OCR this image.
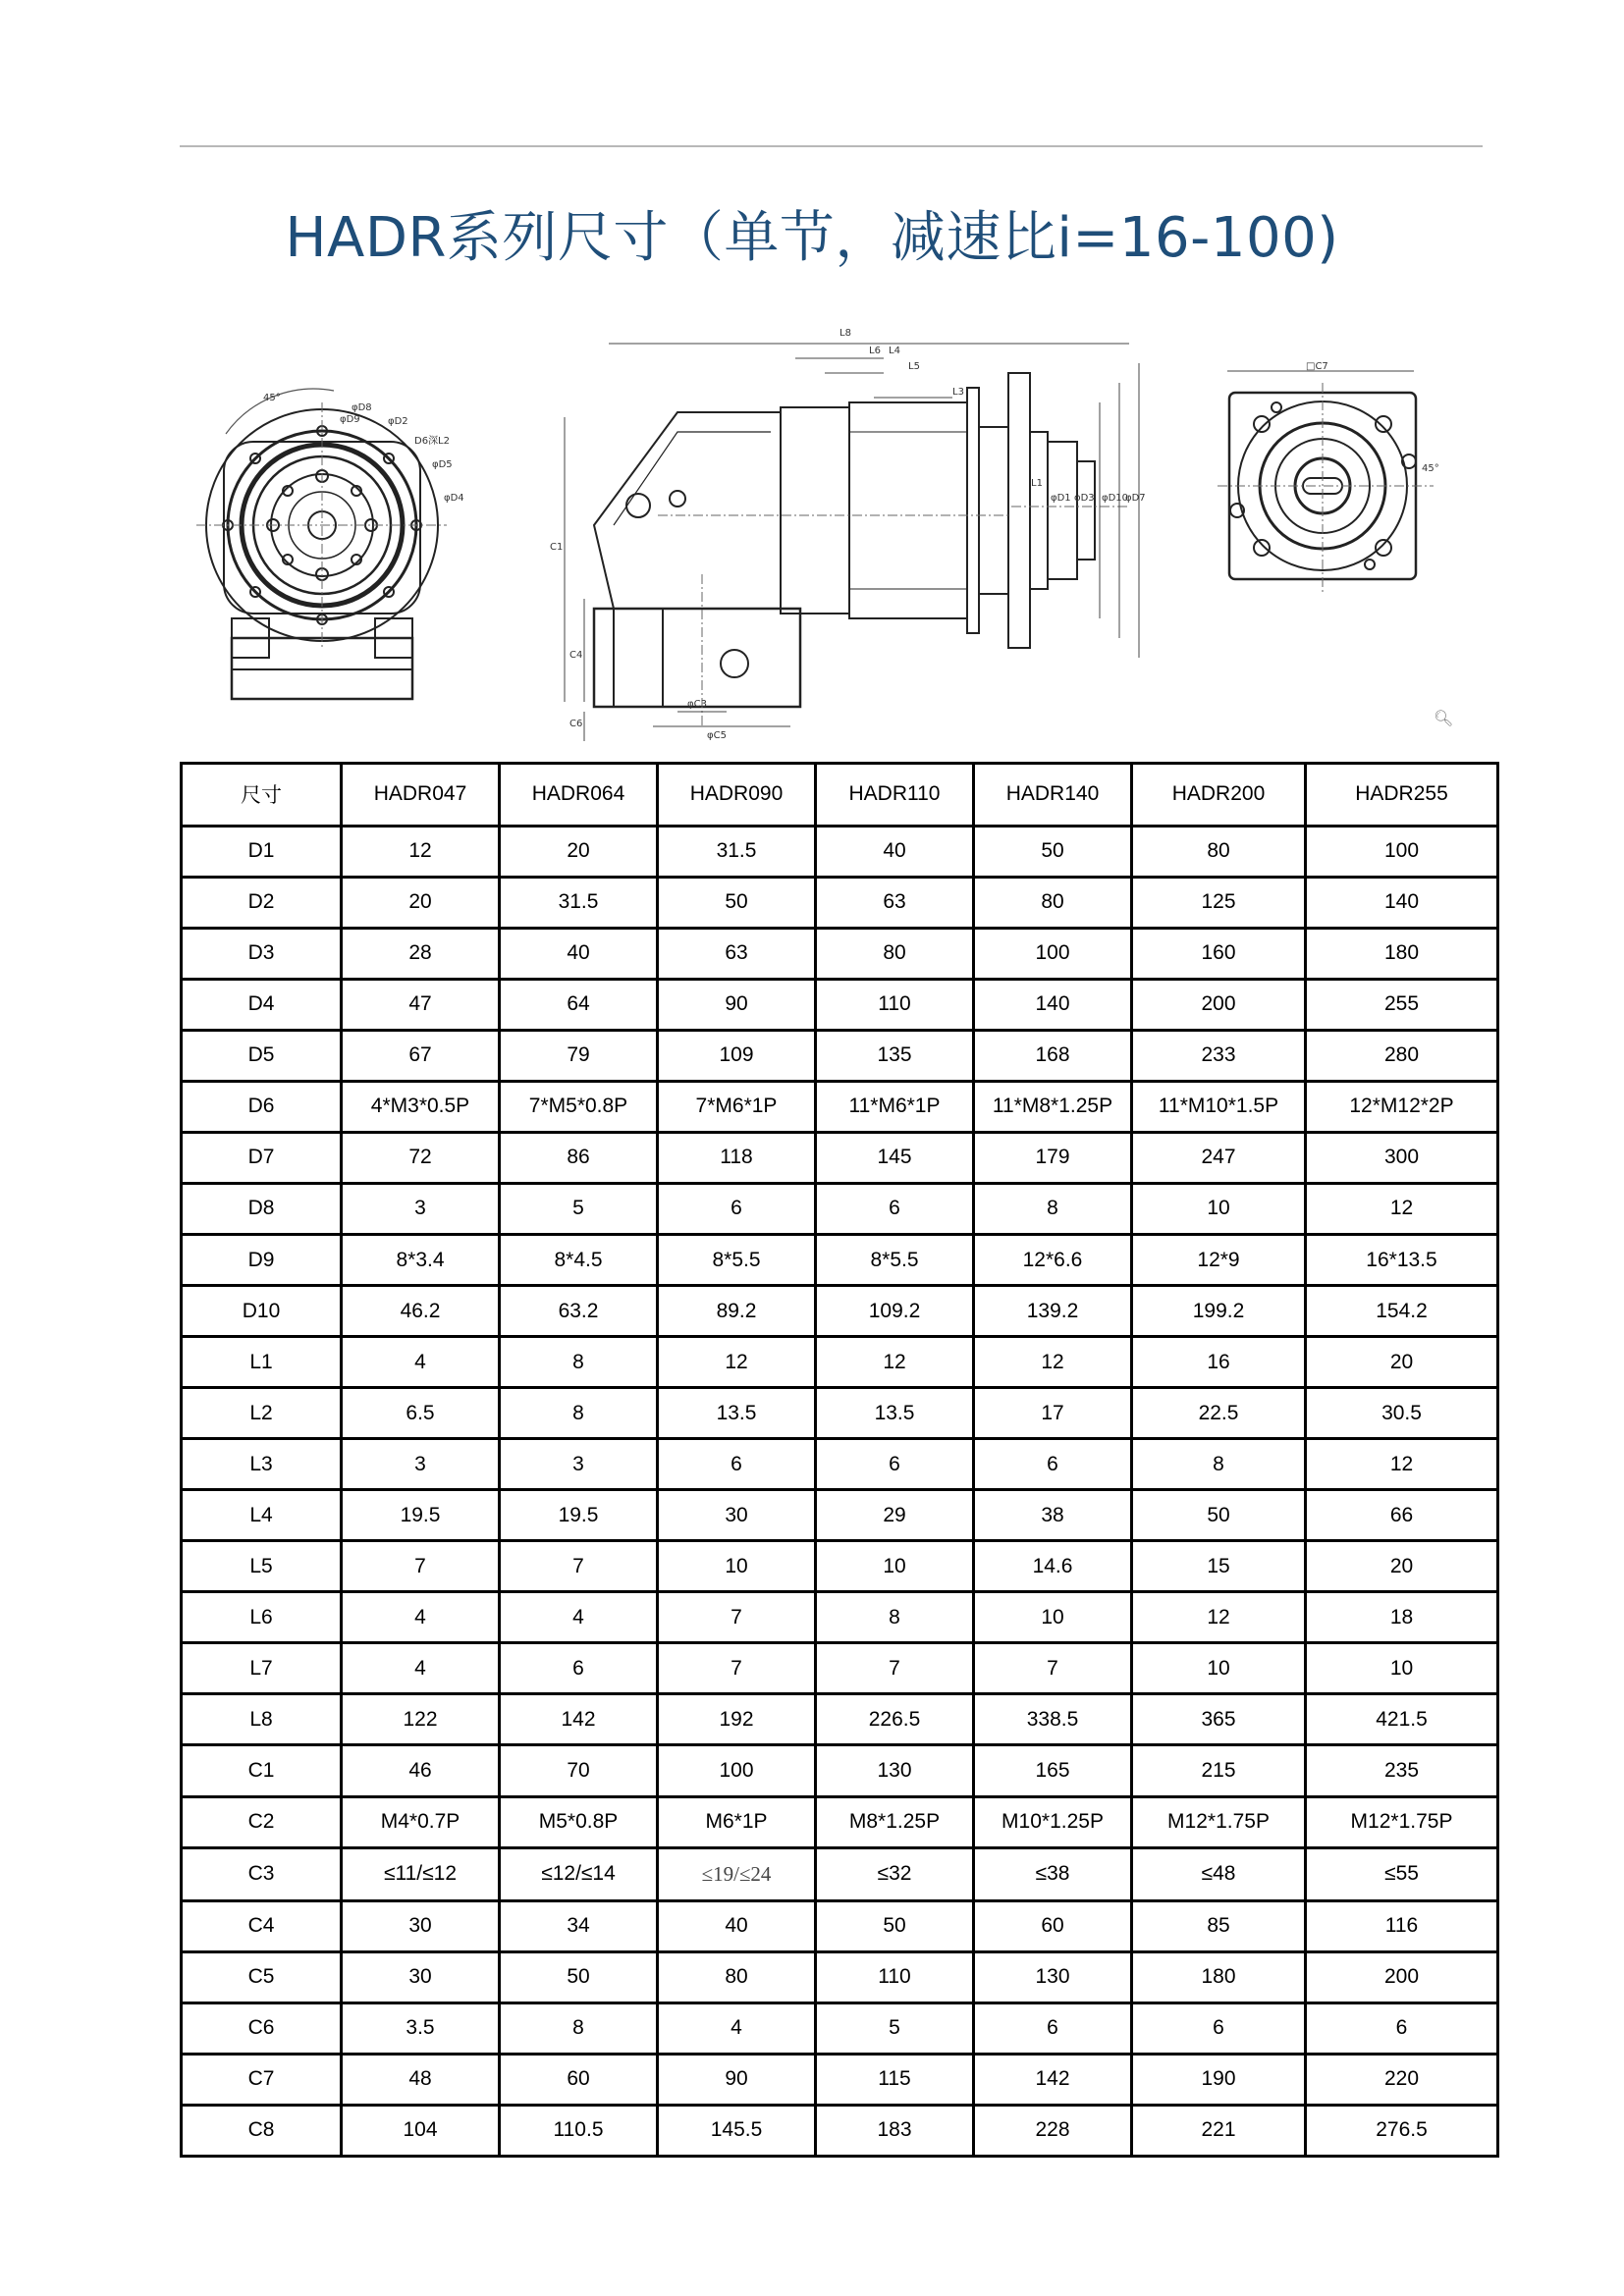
HADR系列尺寸（单节，减速比i=16-100)
45°
φD8
φD9	φD2
D6深L2
φD5
φD4
L8
L6 L4
L5
L3
L1
φD1 φD3 φD10
φD7
C1
C4
C6
φC3
φC5
□C7
45°
🔍︎
尺寸	HADR047	HADR064	HADR090	HADR110	HADR140	HADR200	HADR255
D1	12	20	31.5	40	50	80	100
D2	20	31.5	50	63	80	125	140
D3	28	40	63	80	100	160	180
D4	47	64	90	110	140	200	255
D5	67	79	109	135	168	233	280
D6	4*M3*0.5P	7*M5*0.8P	7*M6*1P	11*M6*1P	11*M8*1.25P	11*M10*1.5P	12*M12*2P
D7	72	86	118	145	179	247	300
D8	3	5	6	6	8	10	12
D9	8*3.4	8*4.5	8*5.5	8*5.5	12*6.6	12*9	16*13.5
D10	46.2	63.2	89.2	109.2	139.2	199.2	154.2
L1	4	8	12	12	12	16	20
L2	6.5	8	13.5	13.5	17	22.5	30.5
L3	3	3	6	6	6	8	12
L4	19.5	19.5	30	29	38	50	66
L5	7	7	10	10	14.6	15	20
L6	4	4	7	8	10	12	18
L7	4	6	7	7	7	10	10
L8	122	142	192	226.5	338.5	365	421.5
C1	46	70	100	130	165	215	235
C2	M4*0.7P	M5*0.8P	M6*1P	M8*1.25P	M10*1.25P	M12*1.75P	M12*1.75P
C3	≤11/≤12	≤12/≤14	≤19/≤24	≤32	≤38	≤48	≤55
C4	30	34	40	50	60	85	116
C5	30	50	80	110	130	180	200
C6	3.5	8	4	5	6	6	6
C7	48	60	90	115	142	190	220
C8	104	110.5	145.5	183	228	221	276.5
